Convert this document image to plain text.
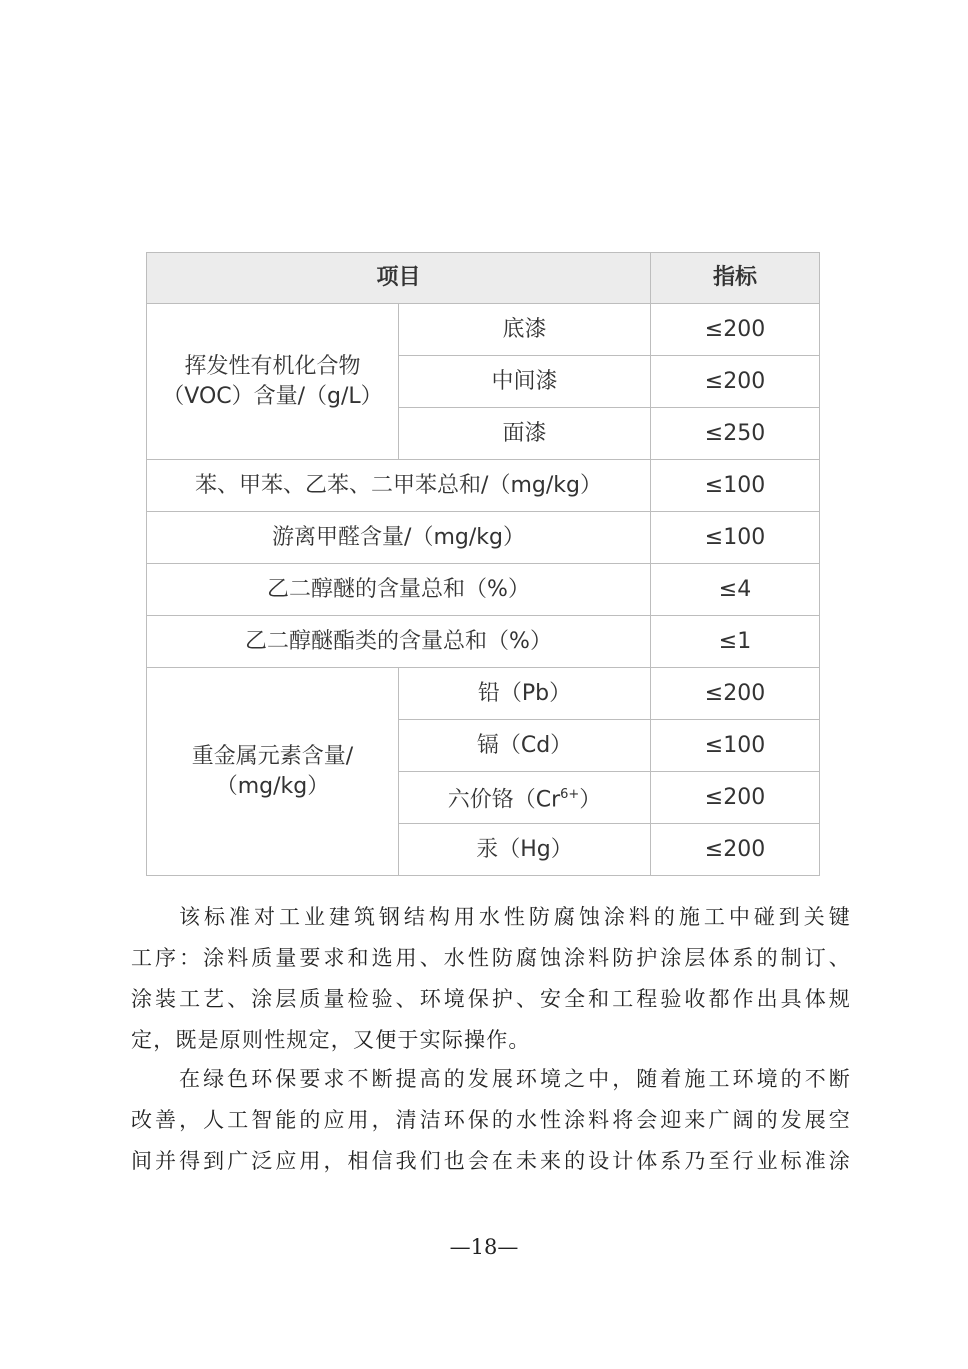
项目		指标

挥发性有机化合物
（VOC）含量/（g/L）	底漆	≤200
	中间漆	≤200
	面漆	≤250
苯、甲苯、乙苯、二甲苯总和/（mg/kg）		≤100
游离甲醛含量/（mg/kg）		≤100
乙二醇醚的含量总和（%）		≤4
乙二醇醚酯类的含量总和（%）		≤1

重金属元素含量/
（mg/kg）	铅（Pb）	≤200
	镉（Cd）	≤100
	六价铬$(Cr^{6+})$	≤200
	汞（Hg）	≤200
该标准对工业建筑钢结构用水性防腐蚀涂料的施工中碰到关键
工序：涂料质量要求和选用、水性防腐蚀涂料防护涂层体系的制订、
涂装工艺、涂层质量检验、环境保护、安全和工程验收都作出具体规
定，既是原则性规定，又便于实际操作。
在绿色环保要求不断提高的发展环境之中，随着施工环境的不断
改善，人工智能的应用，清洁环保的水性涂料将会迎来广阔的发展空
间并得到广泛应用，相信我们也会在未来的设计体系乃至行业标准涂
—18—
